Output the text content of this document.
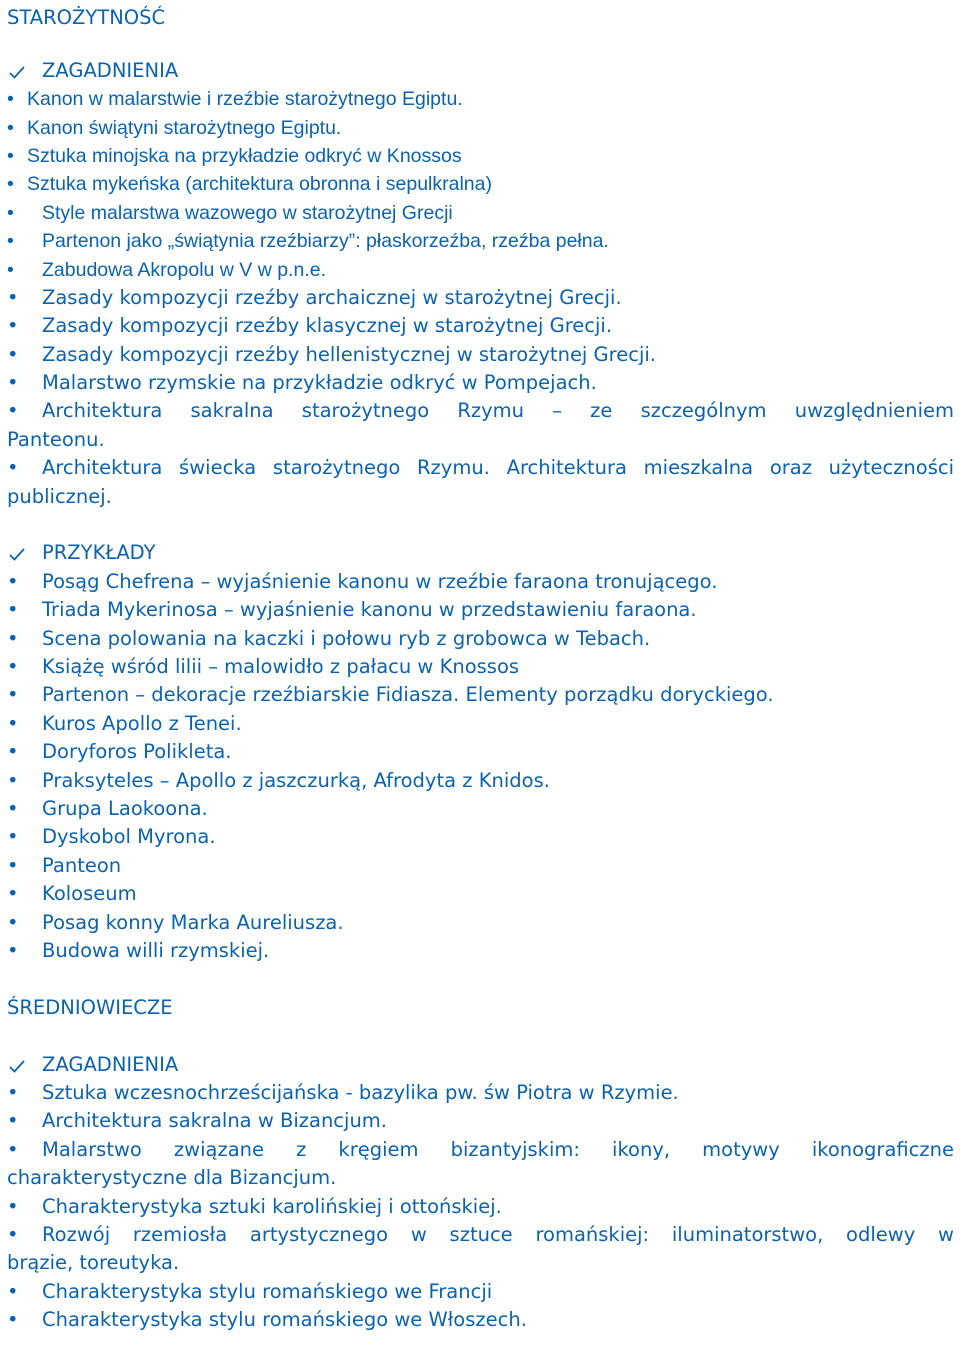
STAROŻYTNOŚĆ
ZAGADNIENIA
• Kanon w malarstwie i rzeźbie starożytnego Egiptu.
• Kanon świątyni starożytnego Egiptu.
• Sztuka minojska na przykładzie odkryć w Knossos
• Sztuka mykeńska (architektura obronna i sepulkralna)
•	Style malarstwa wazowego w starożytnej Grecji
•	Partenon jako „świątynia rzeźbiarzy”: płaskorzeźba, rzeźba pełna.
•	Zabudowa Akropolu w V w p.n.e.
•	Zasady kompozycji rzeźby archaicznej w starożytnej Grecji.
•	Zasady kompozycji rzeźby klasycznej w starożytnej Grecji.
•	Zasady kompozycji rzeźby hellenistycznej w starożytnej Grecji.
•	Malarstwo rzymskie na przykładzie odkryć w Pompejach.
•	Architektura sakralna starożytnego Rzymu – ze szczególnym uwzględnieniem
Panteonu.
•	Architektura świecka starożytnego Rzymu. Architektura mieszkalna oraz użyteczności
publicznej.
PRZYKŁADY
•	Posąg Chefrena – wyjaśnienie kanonu w rzeźbie faraona tronującego.
•	Triada Mykerinosa – wyjaśnienie kanonu w przedstawieniu faraona.
•	Scena polowania na kaczki i połowu ryb z grobowca w Tebach.
•	Książę wśród lilii – malowidło z pałacu w Knossos
•	Partenon – dekoracje rzeźbiarskie Fidiasza. Elementy porządku doryckiego.
•	Kuros Apollo z Tenei.
•	Doryforos Polikleta.
•	Praksyteles – Apollo z jaszczurką, Afrodyta z Knidos.
•	Grupa Laokoona.
•	Dyskobol Myrona.
•	Panteon
•	Koloseum
•	Posag konny Marka Aureliusza.
•	Budowa willi rzymskiej.
ŚREDNIOWIECZE
ZAGADNIENIA
•	Sztuka wczesnochrześcijańska - bazylika pw. św Piotra w Rzymie.
•	Architektura sakralna w Bizancjum.
•	Malarstwo związane z kręgiem bizantyjskim: ikony, motywy ikonograficzne
charakterystyczne dla Bizancjum.
•	Charakterystyka sztuki karolińskiej i ottońskiej.
•	Rozwój rzemiosła artystycznego w sztuce romańskiej: iluminatorstwo, odlewy w
brązie, toreutyka.
•	Charakterystyka stylu romańskiego we Francji
•	Charakterystyka stylu romańskiego we Włoszech.
